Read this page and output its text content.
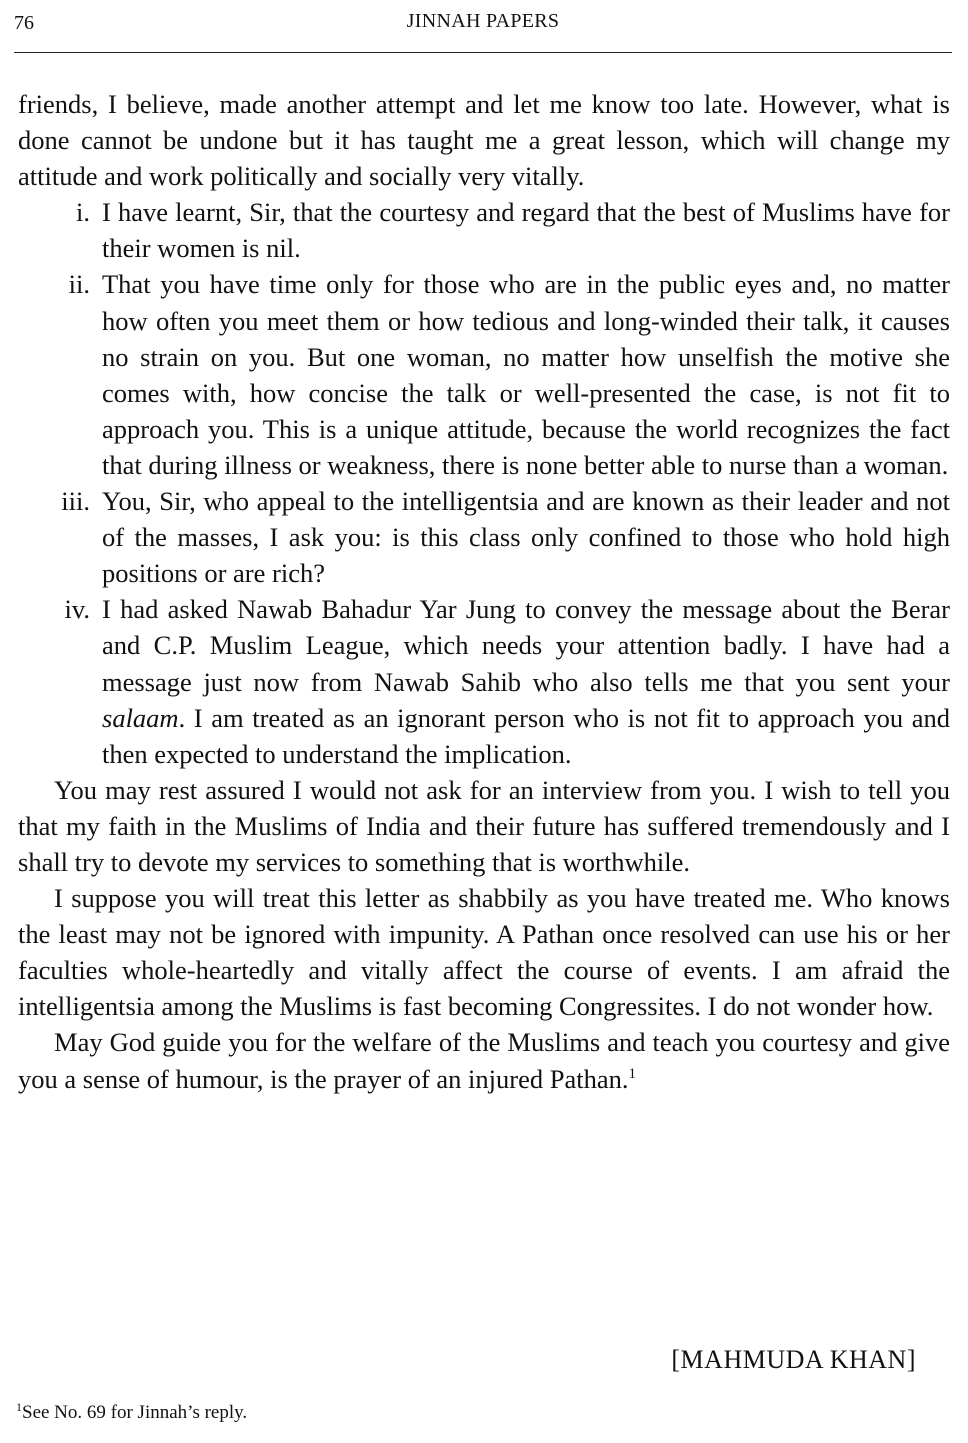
76	JINNAH PAPERS

friends, I believe, made another attempt and let me know too late. However, what is done cannot be undone but it has taught me a great lesson, which will change my attitude and work politically and socially very vitally.

i. I have learnt, Sir, that the courtesy and regard that the best of Muslims have for their women is nil.
ii. That you have time only for those who are in the public eyes and, no matter how often you meet them or how tedious and long-winded their talk, it causes no strain on you. But one woman, no matter how unselfish the motive she comes with, how concise the talk or well-presented the case, is not fit to approach you. This is a unique attitude, because the world recognizes the fact that during illness or weakness, there is none better able to nurse than a woman.
iii. You, Sir, who appeal to the intelligentsia and are known as their leader and not of the masses, I ask you: is this class only confined to those who hold high positions or are rich?
iv. I had asked Nawab Bahadur Yar Jung to convey the message about the Berar and C.P. Muslim League, which needs your attention badly. I have had a message just now from Nawab Sahib who also tells me that you sent your salaam. I am treated as an ignorant person who is not fit to approach you and then expected to understand the implication.

You may rest assured I would not ask for an interview from you. I wish to tell you that my faith in the Muslims of India and their future has suffered tremendously and I shall try to devote my services to something that is worthwhile.

I suppose you will treat this letter as shabbily as you have treated me. Who knows the least may not be ignored with impunity. A Pathan once resolved can use his or her faculties whole-heartedly and vitally affect the course of events. I am afraid the intelligentsia among the Muslims is fast becoming Congressites. I do not wonder how.

May God guide you for the welfare of the Muslims and teach you courtesy and give you a sense of humour, is the prayer of an injured Pathan.$^1$

[MAHMUDA KHAN]
$^1$See No. 69 for Jinnah’s reply.
